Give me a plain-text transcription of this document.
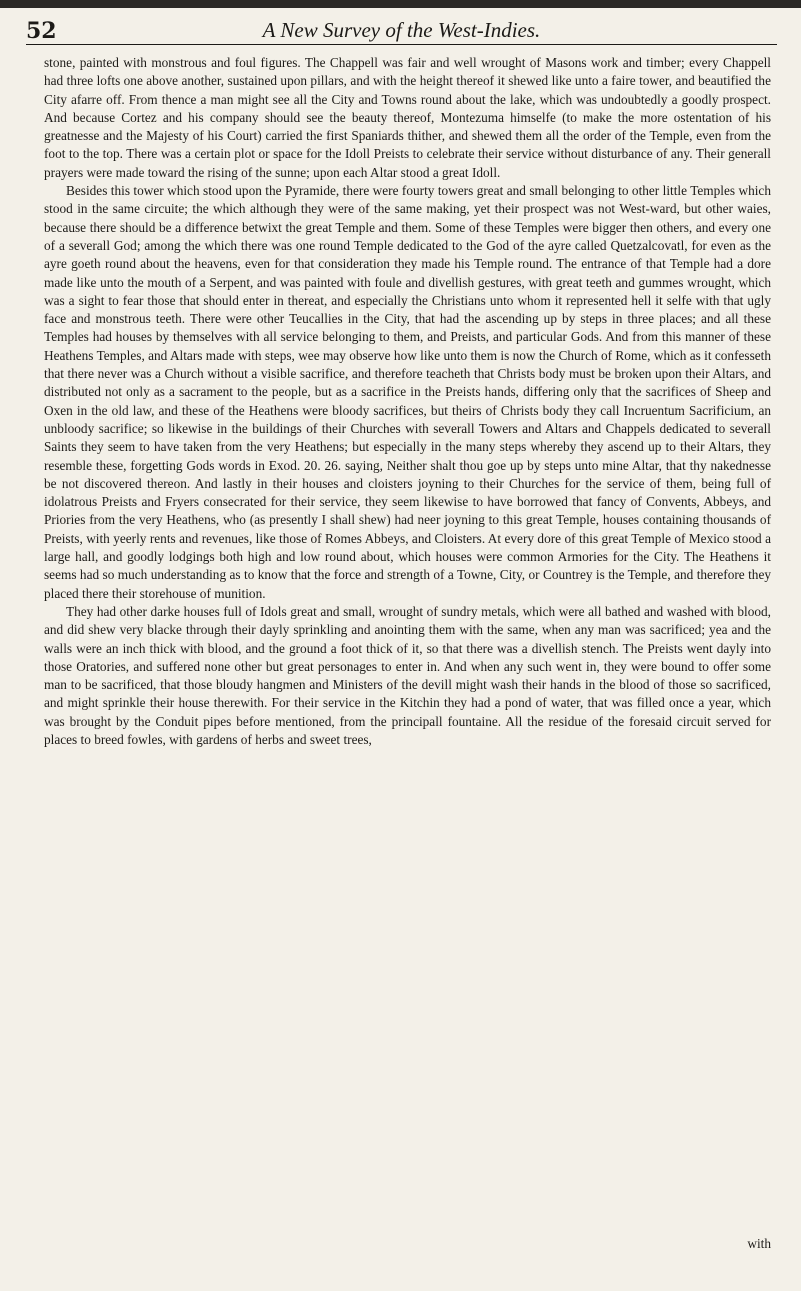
52	A New Survey of the West-Indies.

stone, painted with monstrous and foul figures. The Chappell was fair and well wrought of Masons work and timber; every Chappell had three lofts one above another, sustained upon pillars, and with the height thereof it shewed like unto a faire tower, and beautified the City afarre off. From thence a man might see all the City and Towns round about the lake, which was undoubtedly a goodly prospect. And because Cortez and his company should see the beauty thereof, Montezuma himselfe (to make the more ostentation of his greatnesse and the Majesty of his Court) carried the first Spaniards thither, and shewed them all the order of the Temple, even from the foot to the top. There was a certain plot or space for the Idoll Preists to celebrate their service without disturbance of any. Their generall prayers were made toward the rising of the sunne; upon each Altar stood a great Idoll.

Besides this tower which stood upon the Pyramide, there were fourty towers great and small belonging to other little Temples which stood in the same circuite; the which although they were of the same making, yet their prospect was not West-ward, but other waies, because there should be a difference betwixt the great Temple and them. Some of these Temples were bigger then others, and every one of a severall God; among the which there was one round Temple dedicated to the God of the ayre called Quetzalcovatl, for even as the ayre goeth round about the heavens, even for that consideration they made his Temple round. The entrance of that Temple had a dore made like unto the mouth of a Serpent, and was painted with foule and divellish gestures, with great teeth and gummes wrought, which was a sight to fear those that should enter in thereat, and especially the Christians unto whom it represented hell it selfe with that ugly face and monstrous teeth. There were other Teucallies in the City, that had the ascending up by steps in three places; and all these Temples had houses by themselves with all service belonging to them, and Preists, and particular Gods. And from this manner of these Heathens Temples, and Altars made with steps, wee may observe how like unto them is now the Church of Rome, which as it confesseth that there never was a Church without a visible sacrifice, and therefore teacheth that Christs body must be broken upon their Altars, and distributed not only as a sacrament to the people, but as a sacrifice in the Preists hands, differing only that the sacrifices of Sheep and Oxen in the old law, and these of the Heathens were bloody sacrifices, but theirs of Christs body they call Incruentum Sacrificium, an unbloody sacrifice; so likewise in the buildings of their Churches with severall Towers and Altars and Chappels dedicated to severall Saints they seem to have taken from the very Heathens; but especially in the many steps whereby they ascend up to their Altars, they resemble these, forgetting Gods words in Exod. 20. 26. saying, Neither shalt thou goe up by steps unto mine Altar, that thy nakednesse be not discovered thereon. And lastly in their houses and cloisters joyning to their Churches for the service of them, being full of idolatrous Preists and Fryers consecrated for their service, they seem likewise to have borrowed that fancy of Convents, Abbeys, and Priories from the very Heathens, who (as presently I shall shew) had neer joyning to this great Temple, houses containing thousands of Preists, with yeerly rents and revenues, like those of Romes Abbeys, and Cloisters. At every dore of this great Temple of Mexico stood a large hall, and goodly lodgings both high and low round about, which houses were common Armories for the City. The Heathens it seems had so much understanding as to know that the force and strength of a Towne, City, or Countrey is the Temple, and therefore they placed there their storehouse of munition.

They had other darke houses full of Idols great and small, wrought of sundry metals, which were all bathed and washed with blood, and did shew very blacke through their dayly sprinkling and anointing them with the same, when any man was sacrificed; yea and the walls were an inch thick with blood, and the ground a foot thick of it, so that there was a divellish stench. The Preists went dayly into those Oratories, and suffered none other but great personages to enter in. And when any such went in, they were bound to offer some man to be sacrificed, that those bloudy hangmen and Ministers of the devill might wash their hands in the blood of those so sacrificed, and might sprinkle their house therewith. For their service in the Kitchin they had a pond of water, that was filled once a year, which was brought by the Conduit pipes before mentioned, from the principall fountaine. All the residue of the foresaid circuit served for places to breed fowles, with gardens of herbs and sweet trees,

with
